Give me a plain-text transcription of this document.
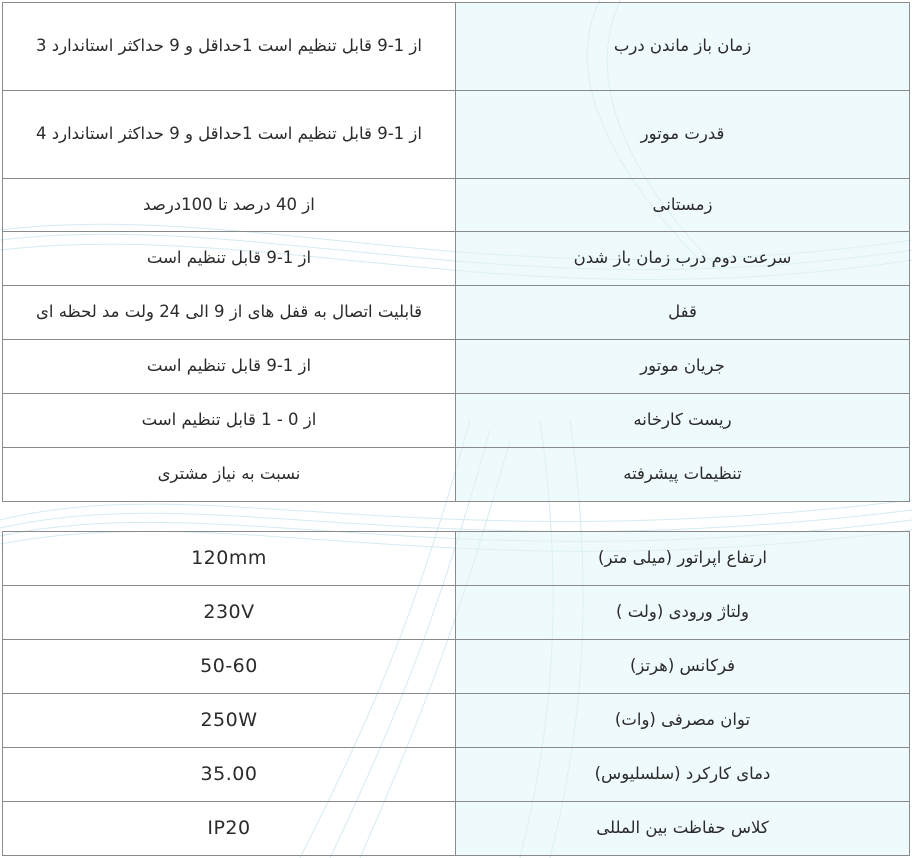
از 1-9 قابل تنظیم است 1حداقل و 9 حداکثر استاندارد 3	زمان باز ماندن درب
از 1-9 قابل تنظیم است 1حداقل و 9 حداکثر استاندارد 4	قدرت موتور
از 40 درصد تا 100درصد	زمستانی
از 1-9 قابل تنظیم است	سرعت دوم درب زمان باز شدن
قابلیت اتصال به قفل های از 9 الی 24 ولت مد لحظه ای	قفل
از 1-9 قابل تنظیم است	جریان موتور
از 0 - 1 قابل تنظیم است	ریست کارخانه
نسبت به نیاز مشتری	تنظیمات پیشرفته
120mm	ارتفاع اپراتور (میلی متر)
230V	ولتاژ ورودی (ولت )
50-60	فرکانس (هرتز)
250W	توان مصرفی (وات)
35.00	دمای کارکرد (سلسلیوس)
IP20	کلاس حفاظت بین المللی
